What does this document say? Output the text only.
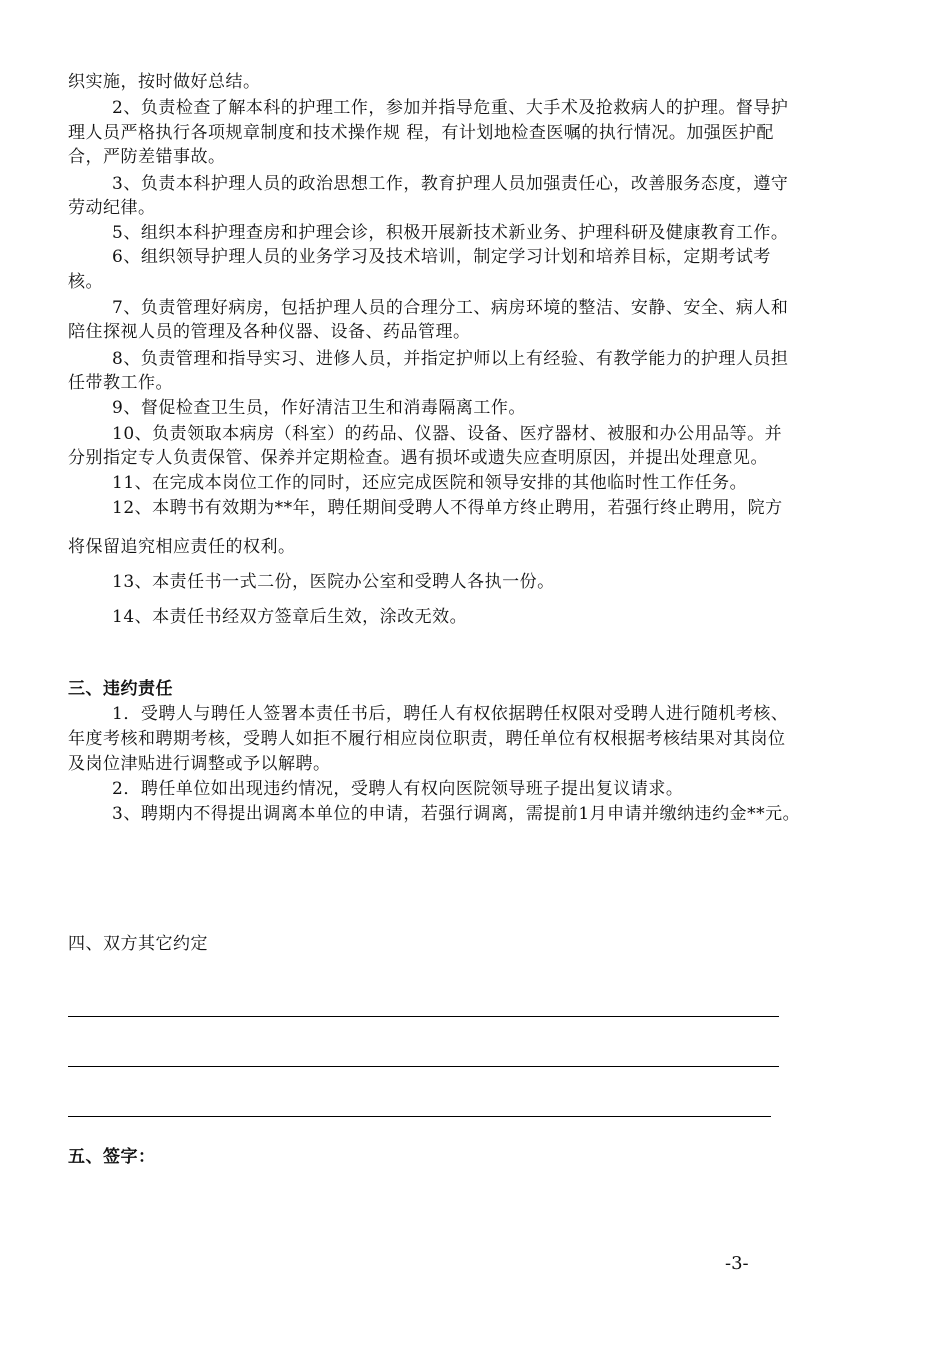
织实施，按时做好总结。
2、负责检查了解本科的护理工作，参加并指导危重、大手术及抢救病人的护理。督导护
理人员严格执行各项规章制度和技术操作规 程，有计划地检查医嘱的执行情况。加强医护配
合，严防差错事故。
3、负责本科护理人员的政治思想工作，教育护理人员加强责任心，改善服务态度，遵守
劳动纪律。
5、组织本科护理查房和护理会诊，积极开展新技术新业务、护理科研及健康教育工作。
6、组织领导护理人员的业务学习及技术培训，制定学习计划和培养目标，定期考试考
核。
7、负责管理好病房，包括护理人员的合理分工、病房环境的整洁、安静、安全、病人和
陪住探视人员的管理及各种仪器、设备、药品管理。
8、负责管理和指导实习、进修人员，并指定护师以上有经验、有教学能力的护理人员担
任带教工作。
9、督促检查卫生员，作好清洁卫生和消毒隔离工作。
10、负责领取本病房（科室）的药品、仪器、设备、医疗器材、被服和办公用品等。并
分别指定专人负责保管、保养并定期检查。遇有损坏或遗失应查明原因，并提出处理意见。
11、在完成本岗位工作的同时，还应完成医院和领导安排的其他临时性工作任务。
12、本聘书有效期为**年，聘任期间受聘人不得单方终止聘用，若强行终止聘用，院方
将保留追究相应责任的权利。
13、本责任书一式二份，医院办公室和受聘人各执一份。
14、本责任书经双方签章后生效，涂改无效。
三、违约责任
1．受聘人与聘任人签署本责任书后，聘任人有权依据聘任权限对受聘人进行随机考核、
年度考核和聘期考核，受聘人如拒不履行相应岗位职责，聘任单位有权根据考核结果对其岗位
及岗位津贴进行调整或予以解聘。
2．聘任单位如出现违约情况，受聘人有权向医院领导班子提出复议请求。
3、聘期内不得提出调离本单位的申请，若强行调离，需提前1月申请并缴纳违约金**元。
四、双方其它约定
五、签字：
-3-
